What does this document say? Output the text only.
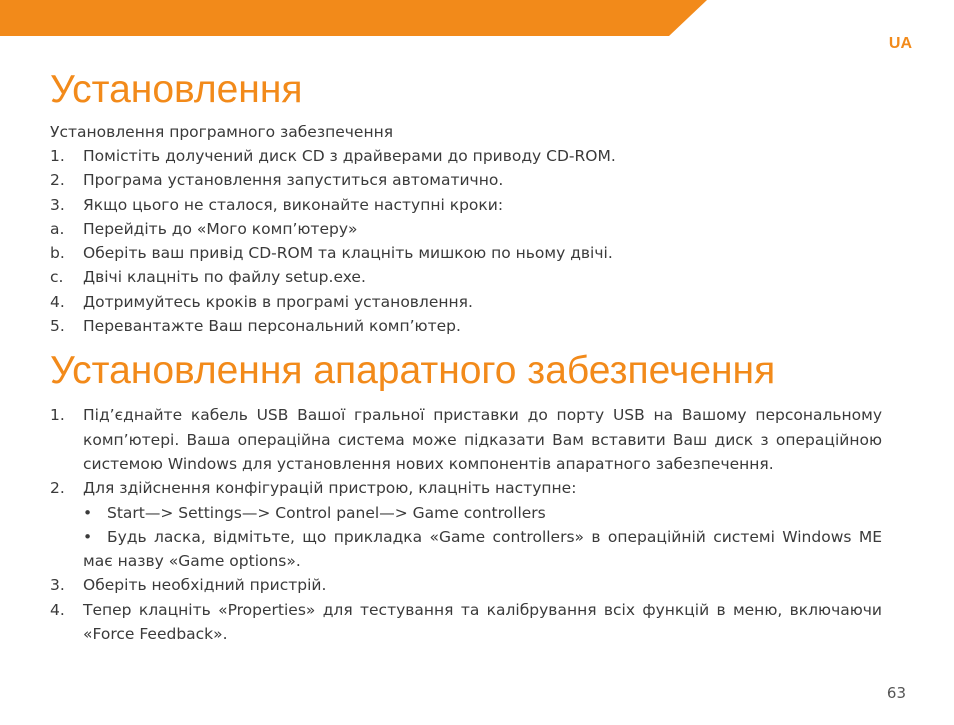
UA
Установлення
Установлення програмного забезпечення
1.	Помістіть долучений диск CD з драйверами до приводу CD-ROM.
2.	Програма установлення запуститься автоматично.
3.	Якщо цього не сталося, виконайте наступні кроки:
a.	Перейдіть до «Мого комп’ютеру»
b.	Оберіть ваш привід CD-ROM та клацніть мишкою по ньому двічі.
c.	Двічі клацніть по файлу setup.exe.
4.	Дотримуйтесь кроків в програмі установлення.
5.	Перевантажте Ваш персональний комп’ютер.
Установлення апаратного забезпечення
1.	Під’єднайте кабель USB Вашої гральної приставки до порту USB на Вашому персональному комп’ютері. Ваша операційна система може підказати Вам вставити Ваш диск з операційною системою Windows для установлення нових компонентів апаратного забезпечення.
2.	Для здійснення конфігурацій пристрою, клацніть наступне:
• Start—> Settings—> Control panel—> Game controllers
• Будь ласка, відмітьте, що прикладка «Game controllers» в операційній системі Windows ME має назву «Game options».
3.	Оберіть необхідний пристрій.
4.	Тепер клацніть «Properties» для тестування та калібрування всіх функцій в меню, включаючи «Force Feedback».
63
